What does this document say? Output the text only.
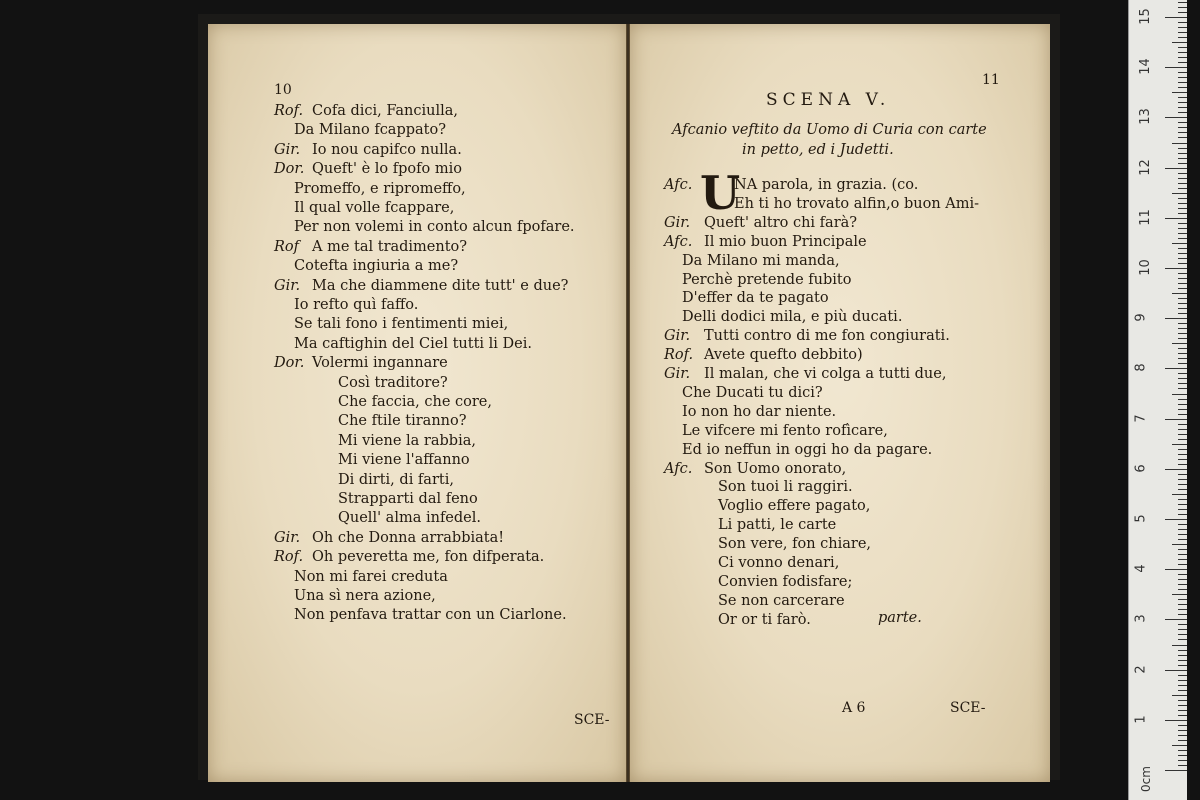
10
Rof. Cofa dici, Fanciulla,
Da Milano fcappato?
Gir. Io nou capifco nulla.
Dor. Queft' è lo fpofo mio
Promeffo, e ripromeffo,
Il qual volle fcappare,
Per non volemi in conto alcun fpofare.
Rof A me tal tradimento?
Cotefta ingiuria a me?
Gir. Ma che diammene dite tutt' e due?
Io refto quì faffo.
Se tali fono i fentimenti miei,
Ma caftighin del Ciel tutti li Dei.
Dor. Volermi ingannare
Così traditore?
Che faccia, che core,
Che ftile tiranno?
Mi viene la rabbia,
Mi viene l'affanno
Di dirti, di farti,
Strapparti dal feno
Quell' alma infedel.
Gir. Oh che Donna arrabbiata!
Rof. Oh peveretta me, fon difperata.
Non mi farei creduta
Una sì nera azione,
Non penfava trattar con un Ciarlone.
SCE-
11
SCENA V.
Afcanio veftito da Uomo di Curia con carte
in petto, ed i Judetti.
U
Afc.	NA parola, in grazia. (co.
Eh ti ho trovato alfin,o buon Ami-
Gir. Queft' altro chi farà?
Afc. Il mio buon Principale
Da Milano mi manda,
Perchè pretende fubito
D'effer da te pagato
Delli dodici mila, e più ducati.
Gir. Tutti contro di me fon congiurati.
Rof. Avete quefto debbito)
Gir. Il malan, che vi colga a tutti due,
Che Ducati tu dici?
Io non ho dar niente.
Le vifcere mi fento rofìcare,
Ed io neffun in oggi ho da pagare.
Afc. Son Uomo onorato,
Son tuoi li raggiri.
Voglio effere pagato,
Li patti, le carte
Son vere, fon chiare,
Ci vonno denari,
Convien fodisfare;
Se non carcerare
Or or ti farò.	parte.
A 6	SCE-
1
2
3
4
5
6
7
8
9
10
11
12
13
14
15
0cm
